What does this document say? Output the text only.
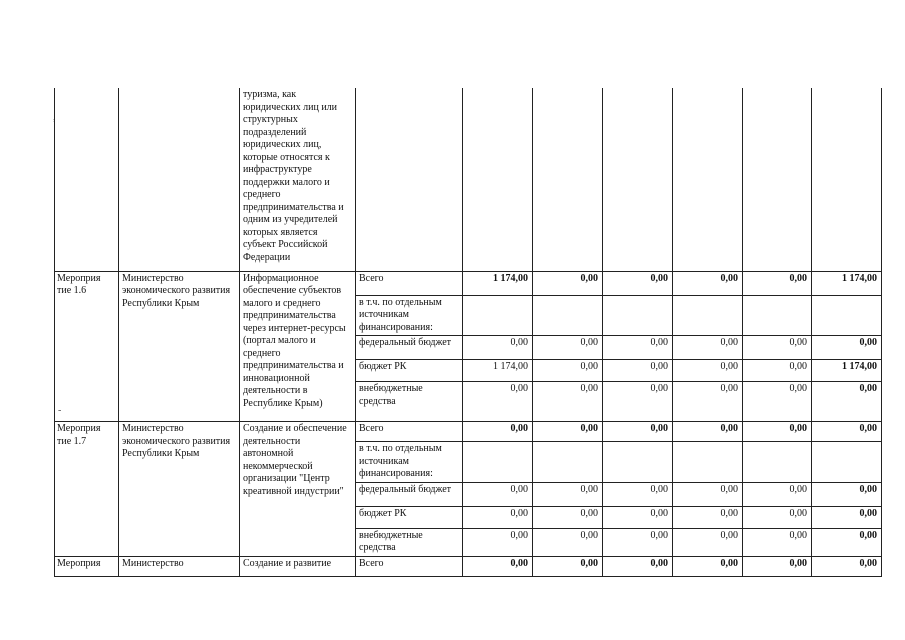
,
-
		туризма, как юридических лиц или структурных подразделений юридических лиц, которые относятся к инфраструктуре поддержки малого и среднего предпринимательства и одним из учредителей которых является субъект Российской Федерации							
Мероприя тие 1.6	Министерство экономического развития Республики Крым	Информационное обеспечение субъектов малого и среднего предпринимательства через интернет-ресурсы (портал малого и среднего предпринимательства и инновационной деятельности в Республике Крым)	Всего	1 174,00	0,00	0,00	0,00	0,00	1 174,00
			в т.ч. по отдельным источникам финансирования:						
			федеральный бюджет	0,00	0,00	0,00	0,00	0,00	0,00
			бюджет РК	1 174,00	0,00	0,00	0,00	0,00	1 174,00
			внебюджетные средства	0,00	0,00	0,00	0,00	0,00	0,00
Мероприя тие 1.7	Министерство экономического развития Республики Крым	Создание и обеспечение деятельности автономной некоммерческой организации "Центр креативной индустрии"	Всего	0,00	0,00	0,00	0,00	0,00	0,00
			в т.ч. по отдельным источникам финансирования:						
			федеральный бюджет	0,00	0,00	0,00	0,00	0,00	0,00
			бюджет РК	0,00	0,00	0,00	0,00	0,00	0,00
			внебюджетные средства	0,00	0,00	0,00	0,00	0,00	0,00
Мероприя	Министерство	Создание и развитие	Всего	0,00	0,00	0,00	0,00	0,00	0,00
